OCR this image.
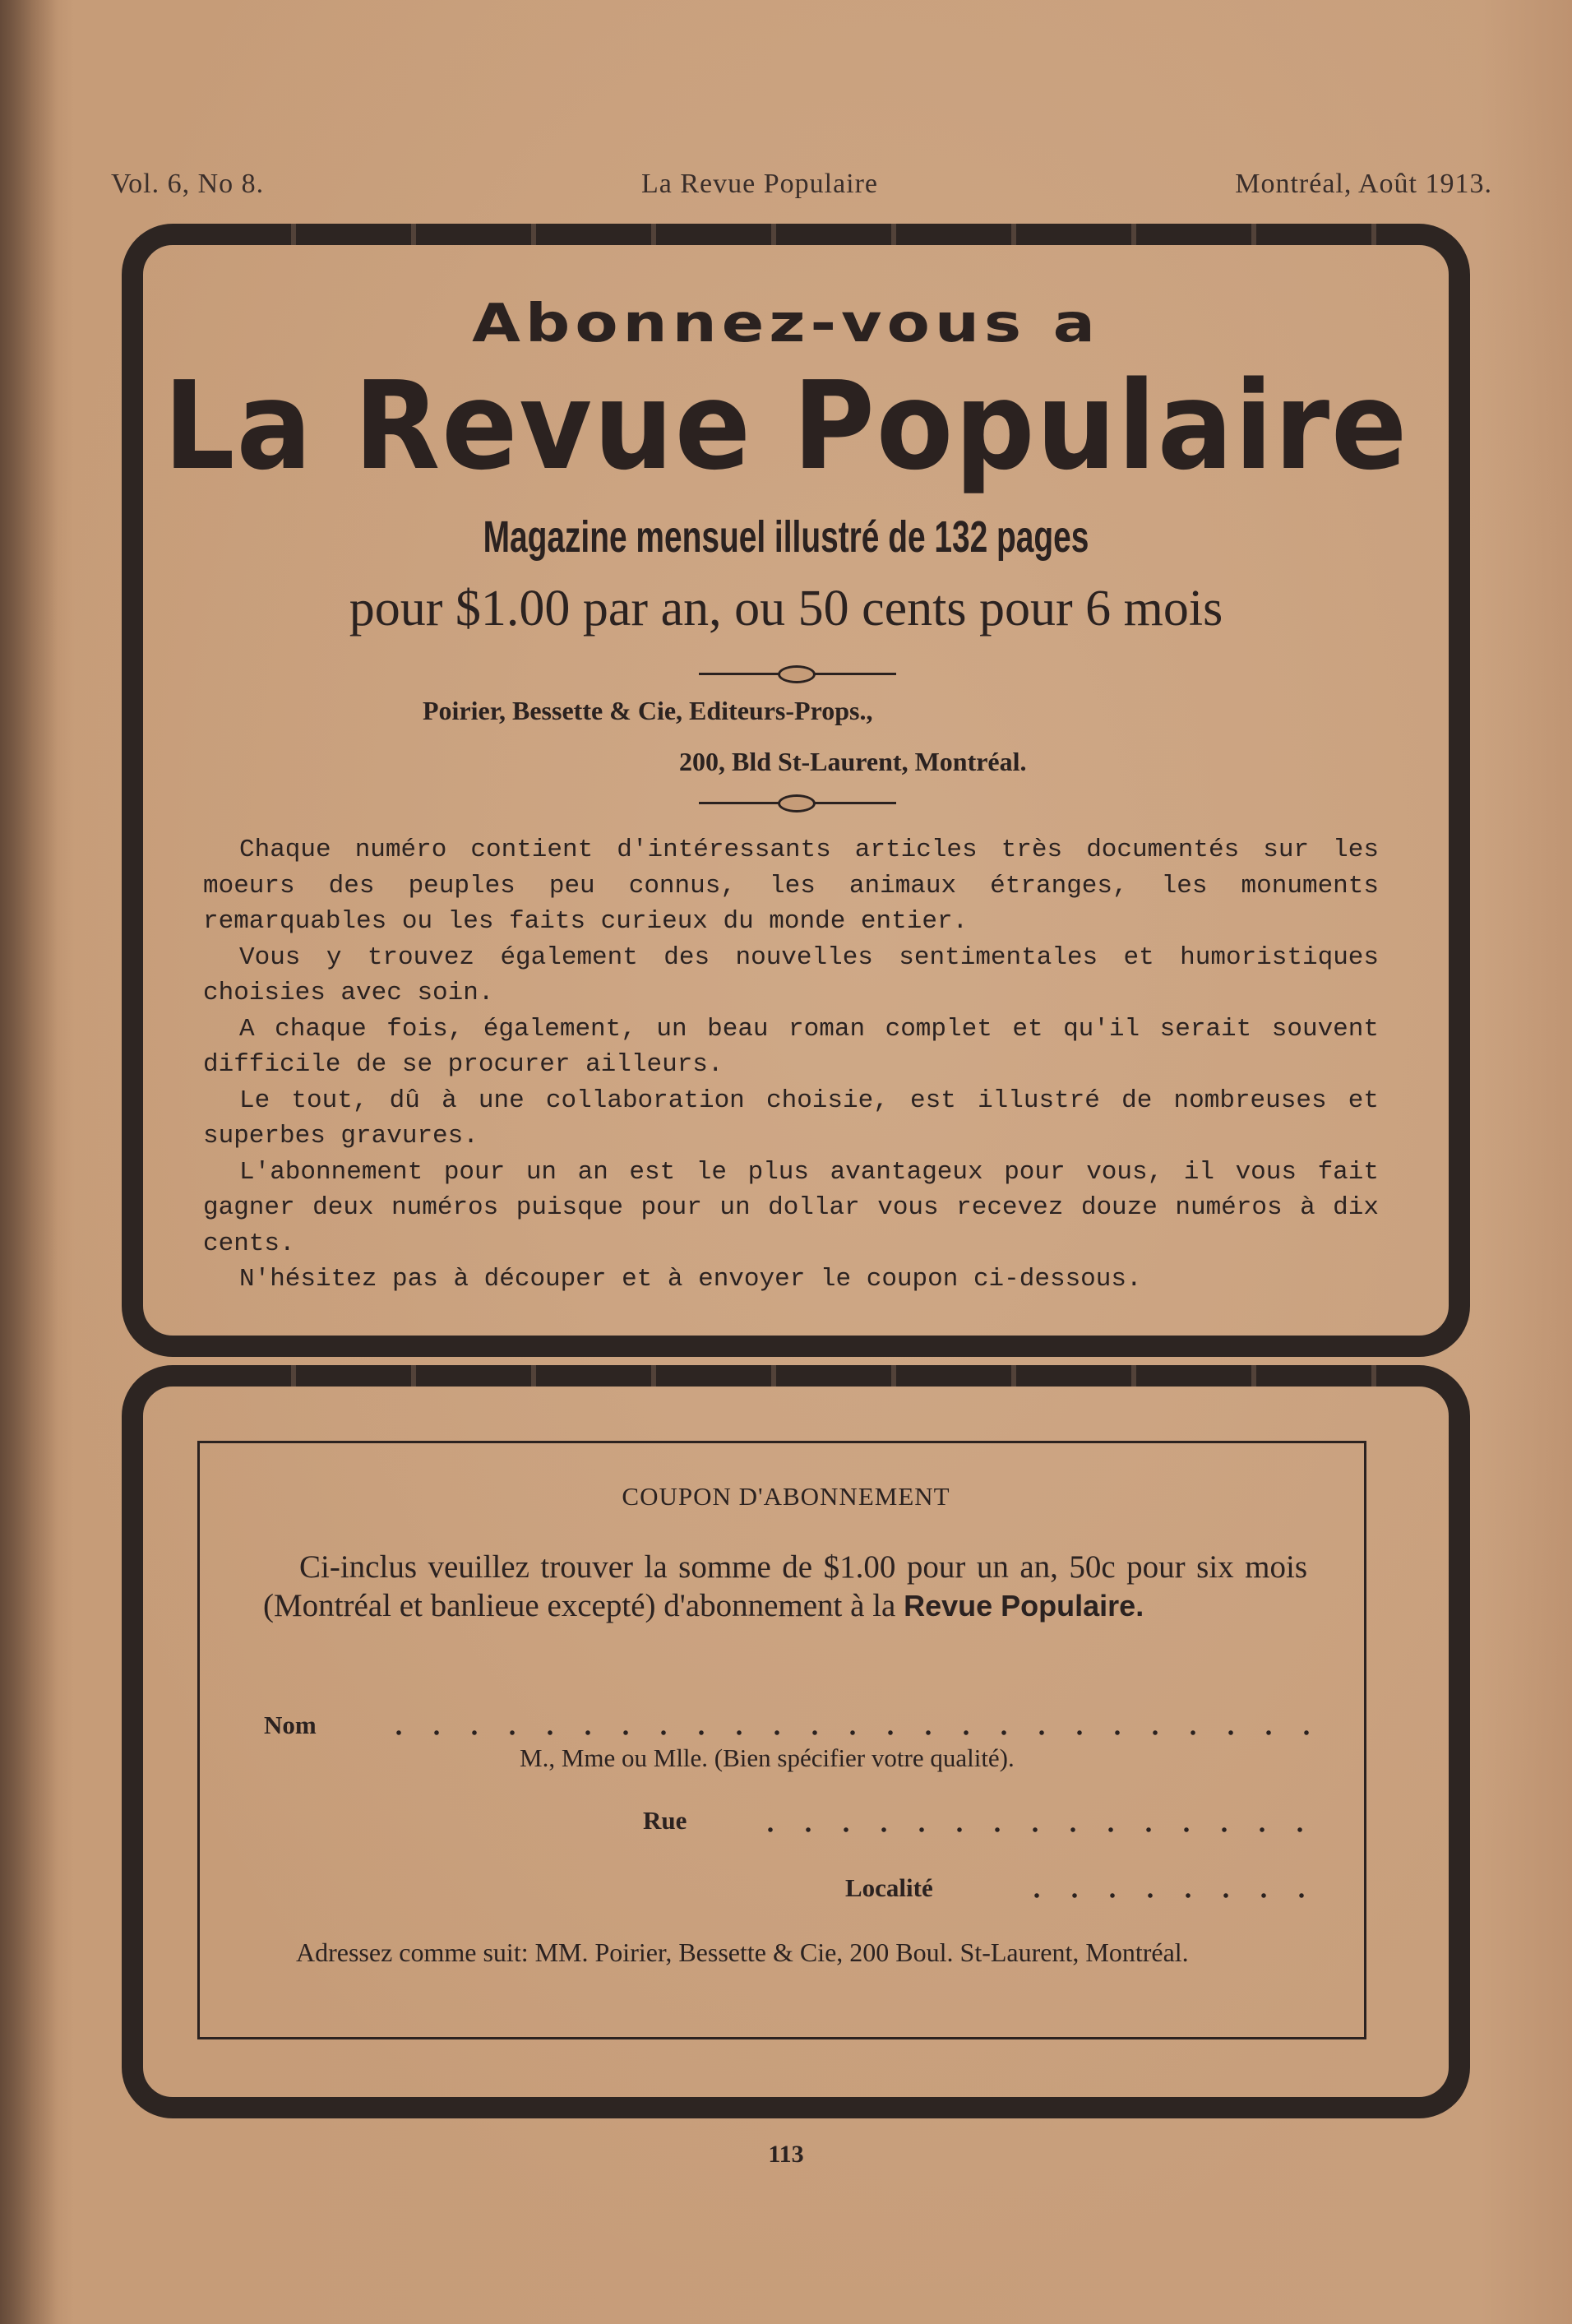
Vol. 6, No 8.	La Revue Populaire	Montréal, Août 1913.
Abonnez-vous a
La Revue Populaire
Magazine mensuel illustré de 132 pages
pour $1.00 par an, ou 50 cents pour 6 mois
Poirier, Bessette & Cie, Editeurs-Props.,
200, Bld St-Laurent, Montréal.

Chaque numéro contient d'intéressants articles très documentés sur les moeurs des peuples peu connus, les animaux étranges, les monuments remarquables ou les faits curieux du monde entier.

Vous y trouvez également des nouvelles sentimentales et humoristiques choisies avec soin.

A chaque fois, également, un beau roman complet et qu'il serait souvent difficile de se procurer ailleurs.

Le tout, dû à une collaboration choisie, est illustré de nombreuses et superbes gravures.

L'abonnement pour un an est le plus avantageux pour vous, il vous fait gagner deux numéros puisque pour un dollar vous recevez douze numéros à dix cents.

N'hésitez pas à découper et à envoyer le coupon ci-dessous.

COUPON D'ABONNEMENT

Ci-inclus veuillez trouver la somme de $1.00 pour un an, 50c pour six mois (Montréal et banlieue excepté) d'abonnement à la Revue Populaire.

Nom
M., Mme ou Mlle. (Bien spécifier votre qualité).
Rue
Localité
Adressez comme suit: MM. Poirier, Bessette & Cie, 200 Boul. St-Laurent, Montréal.
113
